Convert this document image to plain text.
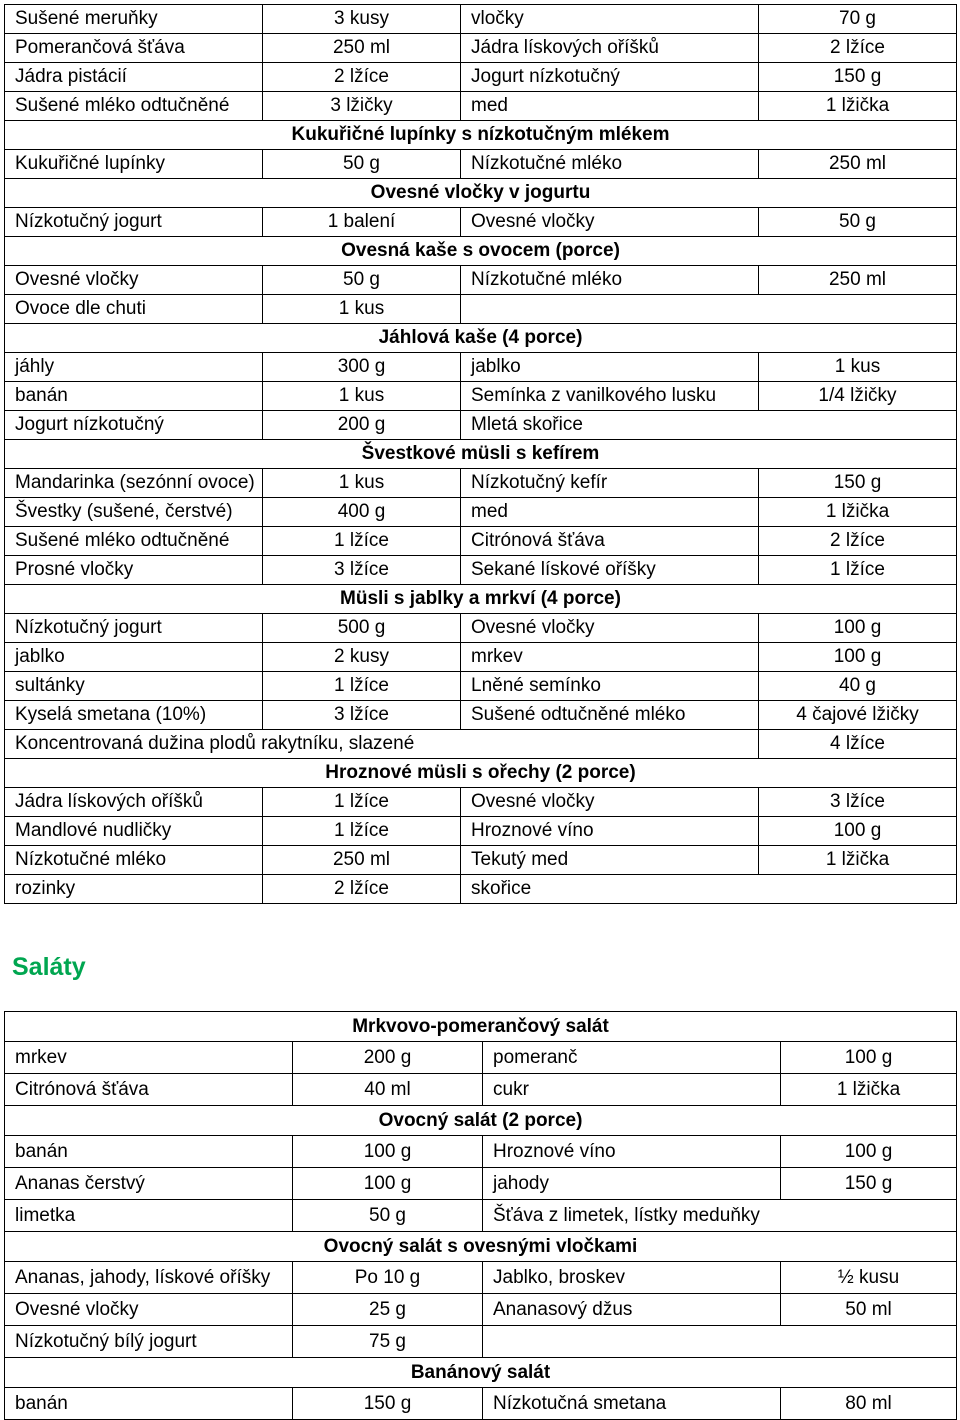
Sušené meruňky	3 kusy	vločky	70 g
Pomerančová šťáva	250 ml	Jádra lískových oříšků	2 lžíce
Jádra pistácií	2 lžíce	Jogurt nízkotučný	150 g
Sušené mléko odtučněné	3 lžičky	med	1 lžička
Kukuřičné lupínky s nízkotučným mlékem			
Kukuřičné lupínky	50 g	Nízkotučné mléko	250 ml
Ovesné vločky v jogurtu			
Nízkotučný jogurt	1 balení	Ovesné vločky	50 g
Ovesná kaše s ovocem (porce)			
Ovesné vločky	50 g	Nízkotučné mléko	250 ml
Ovoce dle chuti	1 kus		
Jáhlová kaše (4 porce)			
jáhly	300 g	jablko	1 kus
banán	1 kus	Semínka z vanilkového lusku	1/4 lžičky
Jogurt nízkotučný	200 g	Mletá skořice	
Švestkové müsli s kefírem			
Mandarinka (sezónní ovoce)	1 kus	Nízkotučný kefír	150 g
Švestky (sušené, čerstvé)	400 g	med	1 lžička
Sušené mléko odtučněné	1 lžíce	Citrónová šťáva	2 lžíce
Prosné vločky	3 lžíce	Sekané lískové oříšky	1 lžíce
Müsli s jablky a mrkví (4 porce)			
Nízkotučný jogurt	500 g	Ovesné vločky	100 g
jablko	2 kusy	mrkev	100 g
sultánky	1 lžíce	Lněné semínko	40 g
Kyselá smetana (10%)	3 lžíce	Sušené odtučněné mléko	4 čajové lžičky
Koncentrovaná dužina plodů rakytníku, slazené			4 lžíce
Hroznové müsli s ořechy (2 porce)			
Jádra lískových oříšků	1 lžíce	Ovesné vločky	3 lžíce
Mandlové nudličky	1 lžíce	Hroznové víno	100 g
Nízkotučné mléko	250 ml	Tekutý med	1 lžička
rozinky	2 lžíce	skořice	
Saláty
Mrkvovo-pomerančový salát			
mrkev	200 g	pomeranč	100 g
Citrónová šťáva	40 ml	cukr	1 lžička
Ovocný salát (2 porce)			
banán	100 g	Hroznové víno	100 g
Ananas čerstvý	100 g	jahody	150 g
limetka	50 g	Šťáva z limetek, lístky meduňky	
Ovocný salát s ovesnými vločkami			
Ananas, jahody, lískové oříšky	Po 10 g	Jablko, broskev	½ kusu
Ovesné vločky	25 g	Ananasový džus	50 ml
Nízkotučný bílý jogurt	75 g		
Banánový salát			
banán	150 g	Nízkotučná smetana	80 ml
